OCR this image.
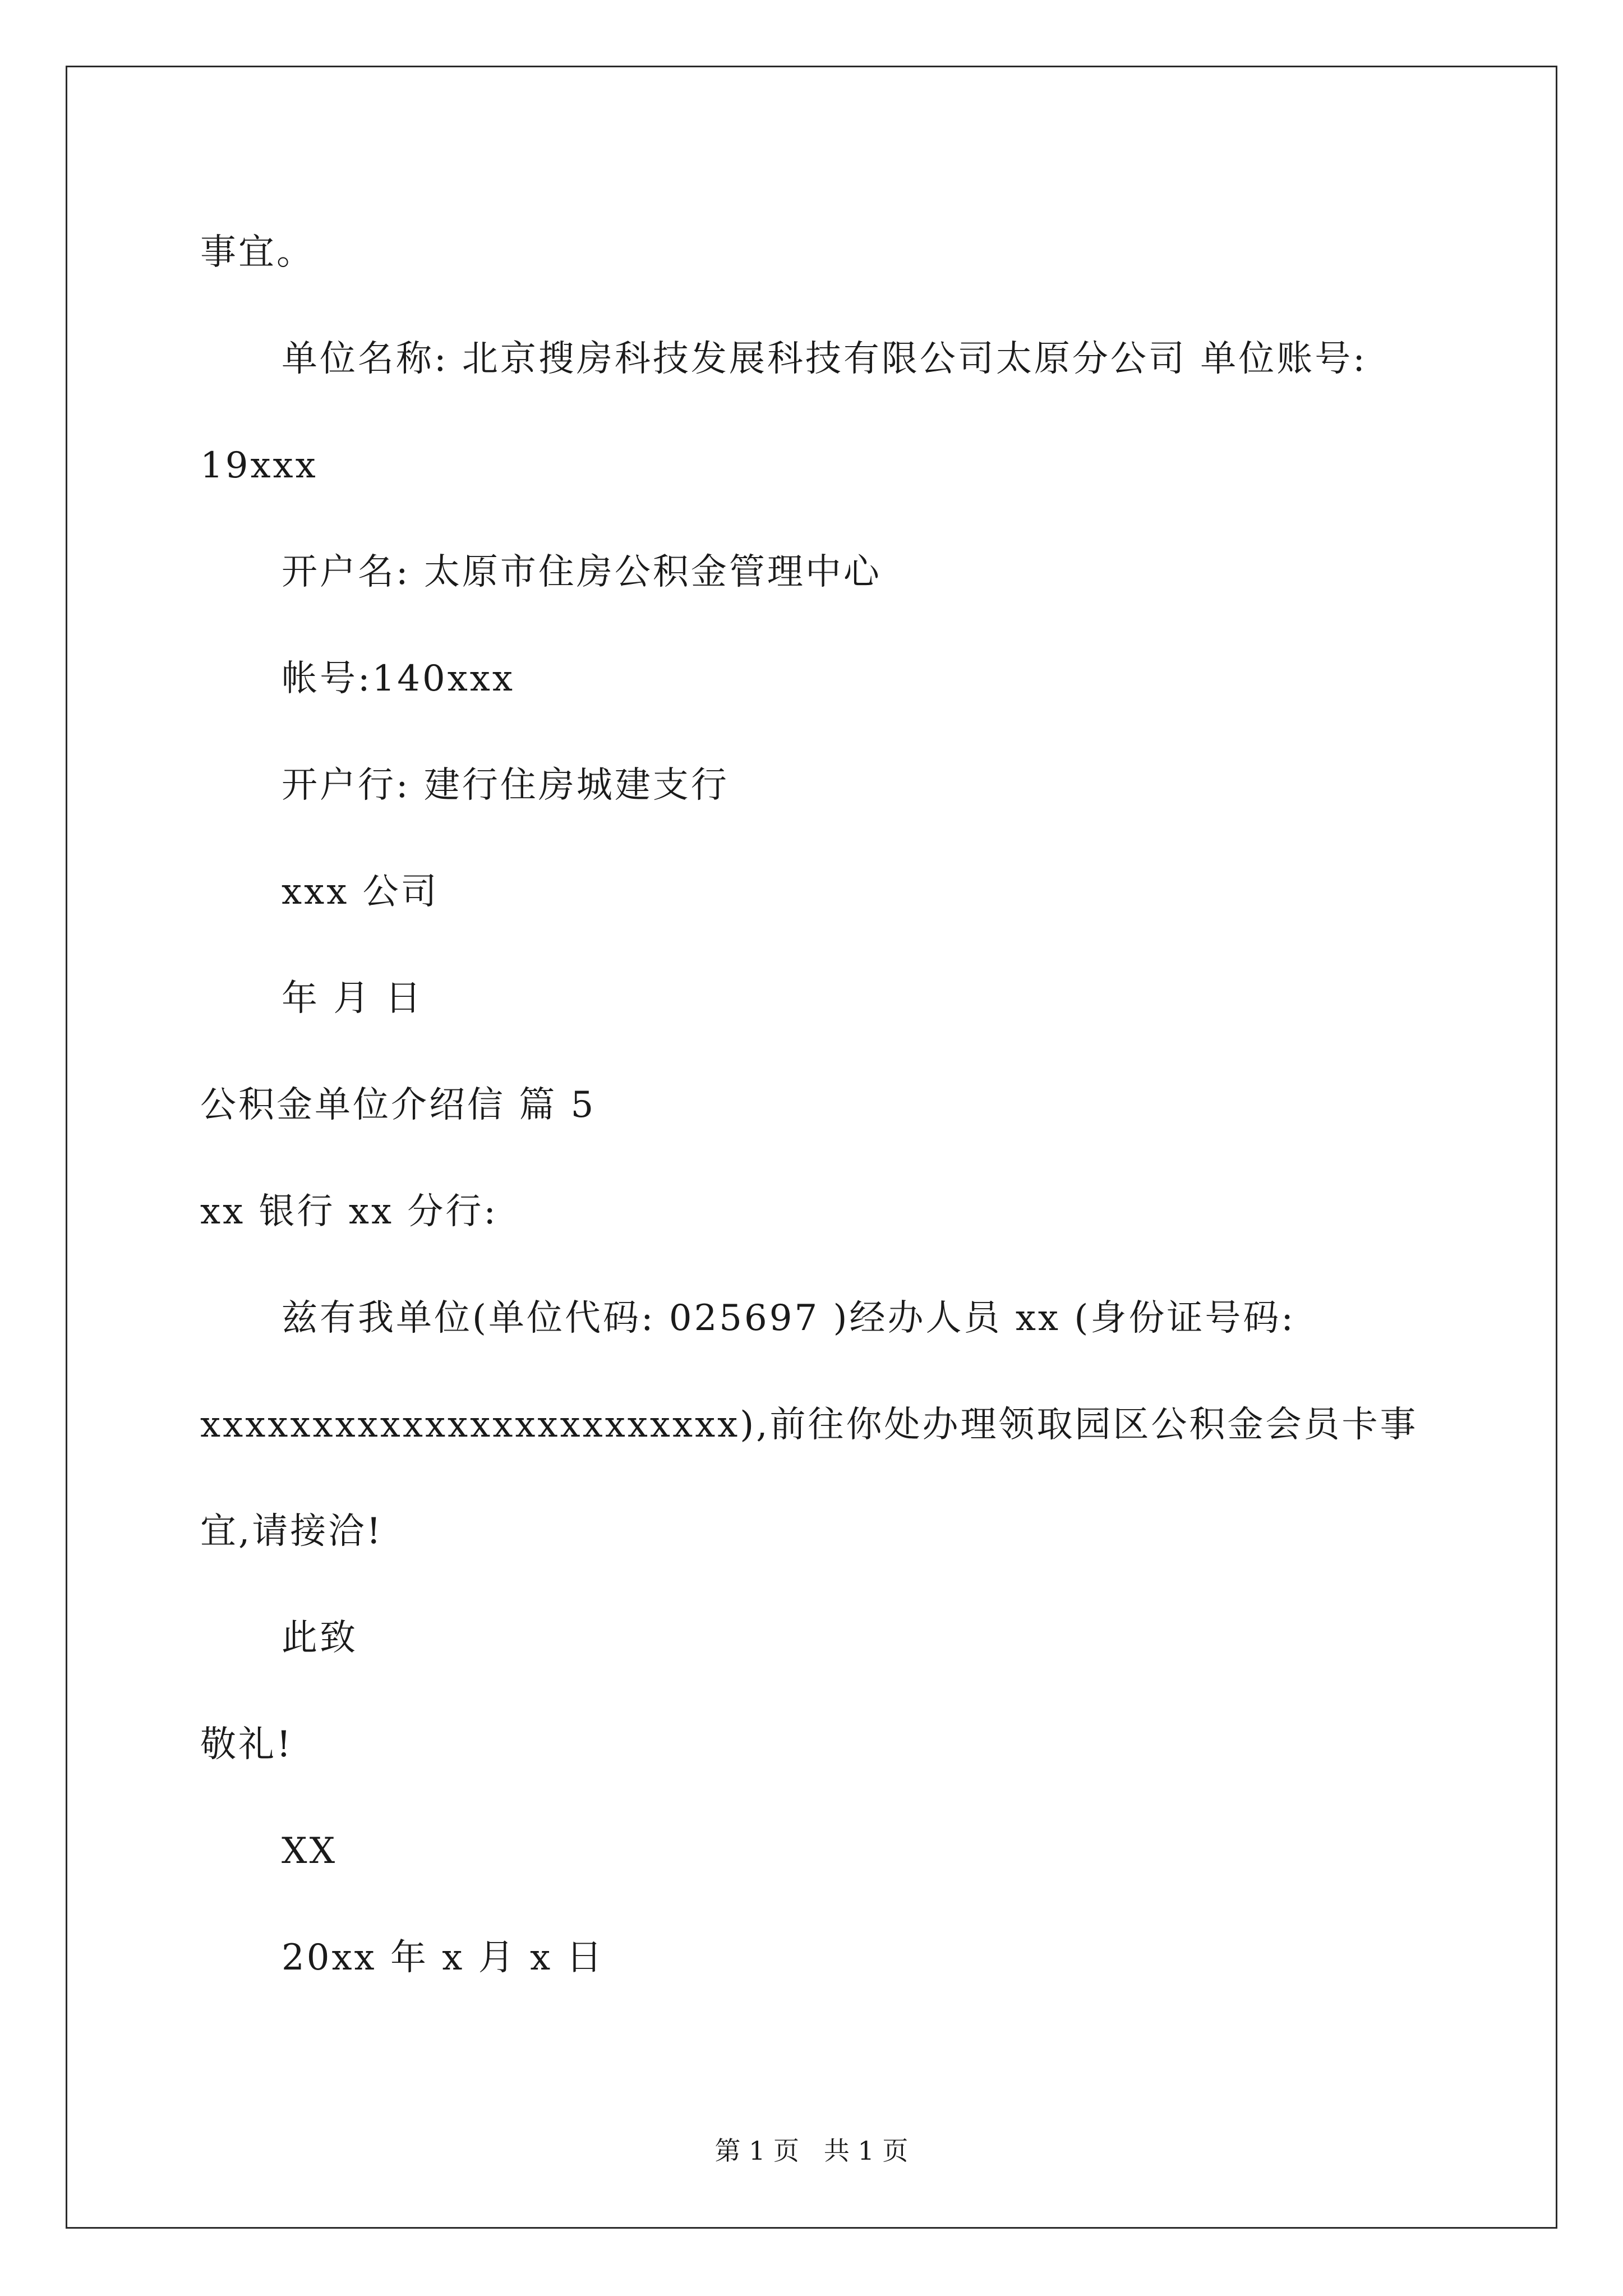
事宜。
单位名称: 北京搜房科技发展科技有限公司太原分公司 单位账号:
19xxx
开户名: 太原市住房公积金管理中心
帐号:140xxx
开户行: 建行住房城建支行
xxx 公司
年 月 日
公积金单位介绍信 篇 5
xx 银行 xx 分行:
兹有我单位(单位代码: 025697 )经办人员 xx (身份证号码:
xxxxxxxxxxxxxxxxxxxxxxxx),前往你处办理领取园区公积金会员卡事
宜,请接洽!
此致
敬礼!
XX
20xx 年 x 月 x 日
第 1 页   共 1 页
